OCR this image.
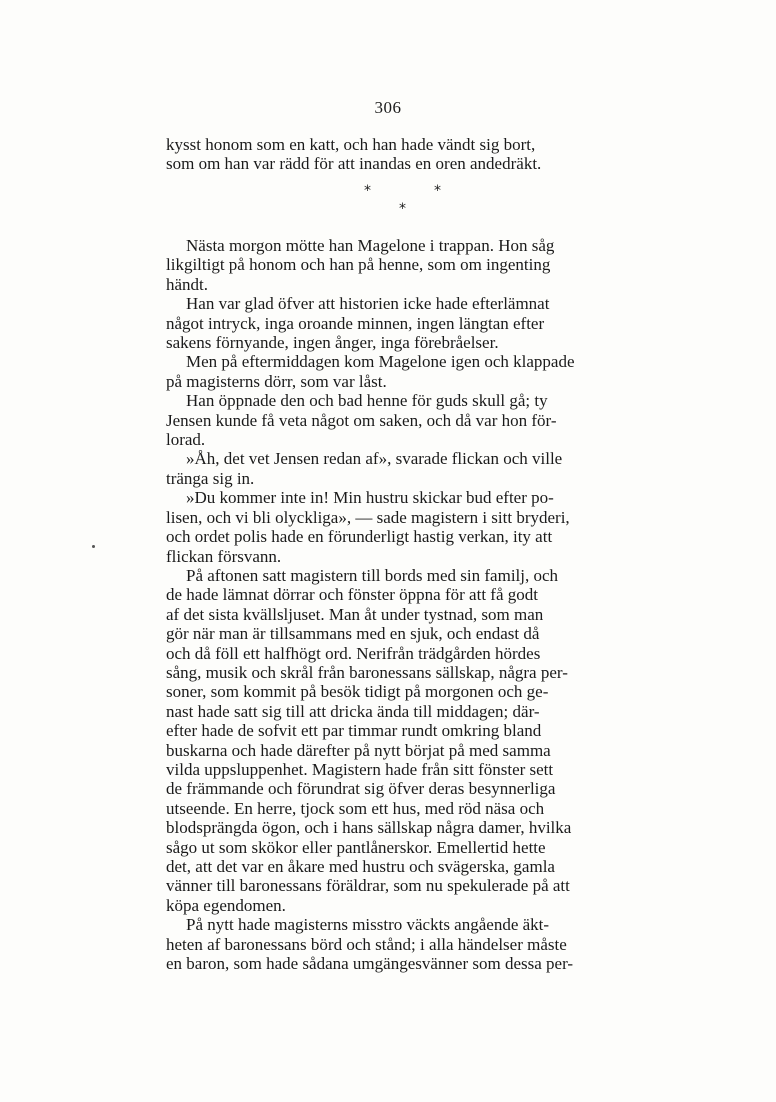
306

kysst honom som en katt, och han hade vändt sig bort,
som om han var rädd för att inandas en oren andedräkt.

*	*
*

Nästa morgon mötte han Magelone i trappan. Hon såg
likgiltigt på honom och han på henne, som om ingenting
händt.

Han var glad öfver att historien icke hade efterlämnat
något intryck, inga oroande minnen, ingen längtan efter
sakens förnyande, ingen ånger, inga förebråelser.

Men på eftermiddagen kom Magelone igen och klappade
på magisterns dörr, som var låst.

Han öppnade den och bad henne för guds skull gå; ty
Jensen kunde få veta något om saken, och då var hon för-
lorad.

»Åh, det vet Jensen redan af», svarade flickan och ville
tränga sig in.

»Du kommer inte in! Min hustru skickar bud efter po-
lisen, och vi bli olyckliga», — sade magistern i sitt bryderi,
och ordet polis hade en förunderligt hastig verkan, ity att
flickan försvann.

På aftonen satt magistern till bords med sin familj, och
de hade lämnat dörrar och fönster öppna för att få godt
af det sista kvällsljuset. Man åt under tystnad, som man
gör när man är tillsammans med en sjuk, och endast då
och då föll ett halfhögt ord. Nerifrån trädgården hördes
sång, musik och skrål från baronessans sällskap, några per-
soner, som kommit på besök tidigt på morgonen och ge-
nast hade satt sig till att dricka ända till middagen; där-
efter hade de sofvit ett par timmar rundt omkring bland
buskarna och hade därefter på nytt börjat på med samma
vilda uppsluppenhet. Magistern hade från sitt fönster sett
de främmande och förundrat sig öfver deras besynnerliga
utseende. En herre, tjock som ett hus, med röd näsa och
blodsprängda ögon, och i hans sällskap några damer, hvilka
sågo ut som skökor eller pantlånerskor. Emellertid hette
det, att det var en åkare med hustru och svägerska, gamla
vänner till baronessans föräldrar, som nu spekulerade på att
köpa egendomen.

På nytt hade magisterns misstro väckts angående äkt-
heten af baronessans börd och stånd; i alla händelser måste
en baron, som hade sådana umgängesvänner som dessa per-
